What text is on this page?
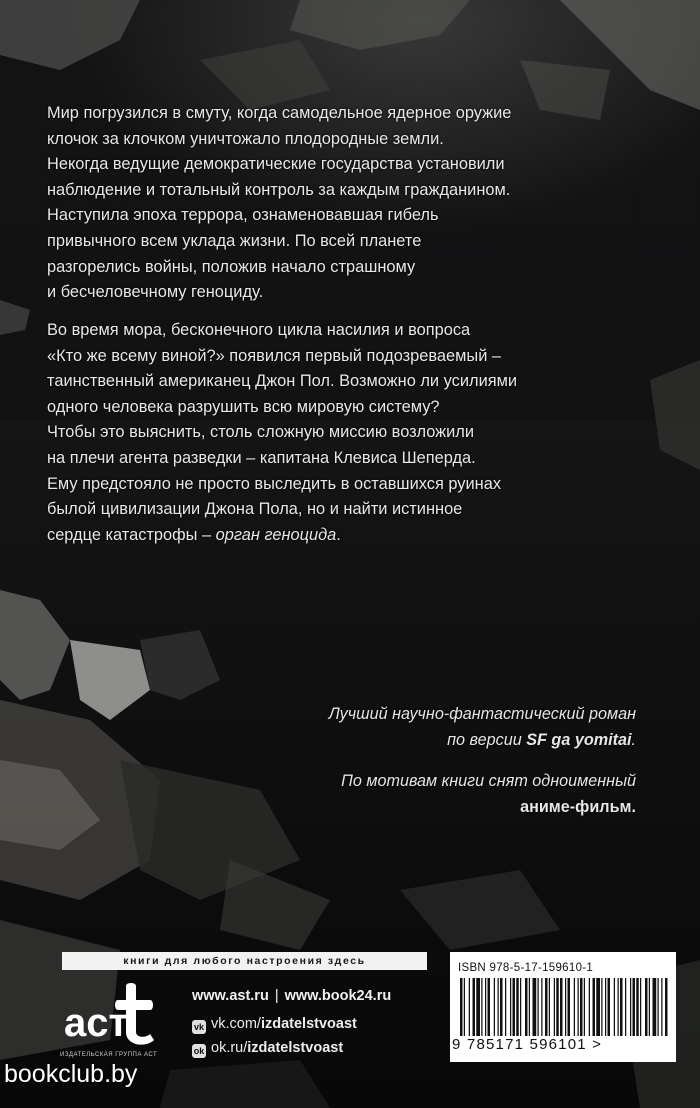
Мир погрузился в смуту, когда самодельное ядерное оружие
клочок за клочком уничтожало плодородные земли.
Некогда ведущие демократические государства установили
наблюдение и тотальный контроль за каждым гражданином.
Наступила эпоха террора, ознаменовавшая гибель
привычного всем уклада жизни. По всей планете
разгорелись войны, положив начало страшному
и бесчеловечному геноциду.

Во время мора, бесконечного цикла насилия и вопроса
«Кто же всему виной?» появился первый подозреваемый –
таинственный американец Джон Пол. Возможно ли усилиями
одного человека разрушить всю мировую систему?
Чтобы это выяснить, столь сложную миссию возложили
на плечи агента разведки – капитана Клевиса Шеперда.
Ему предстояло не просто выследить в оставшихся руинах
былой цивилизации Джона Пола, но и найти истинное
сердце катастрофы – орган геноцида.

Лучший научно-фантастический роман
по версии SF ga yomitai.
По мотивам книги снят одноименный
аниме-фильм.
книги для любого настроения здесь
аст
ИЗДАТЕЛЬСКАЯ ГРУППА АСТ
www.ast.ru | www.book24.ru
vk vk.com/izdatelstvoast
ok ok.ru/izdatelstvoast
ISBN 978-5-17-159610-1
9 785171 596101 >
bookclub.by
